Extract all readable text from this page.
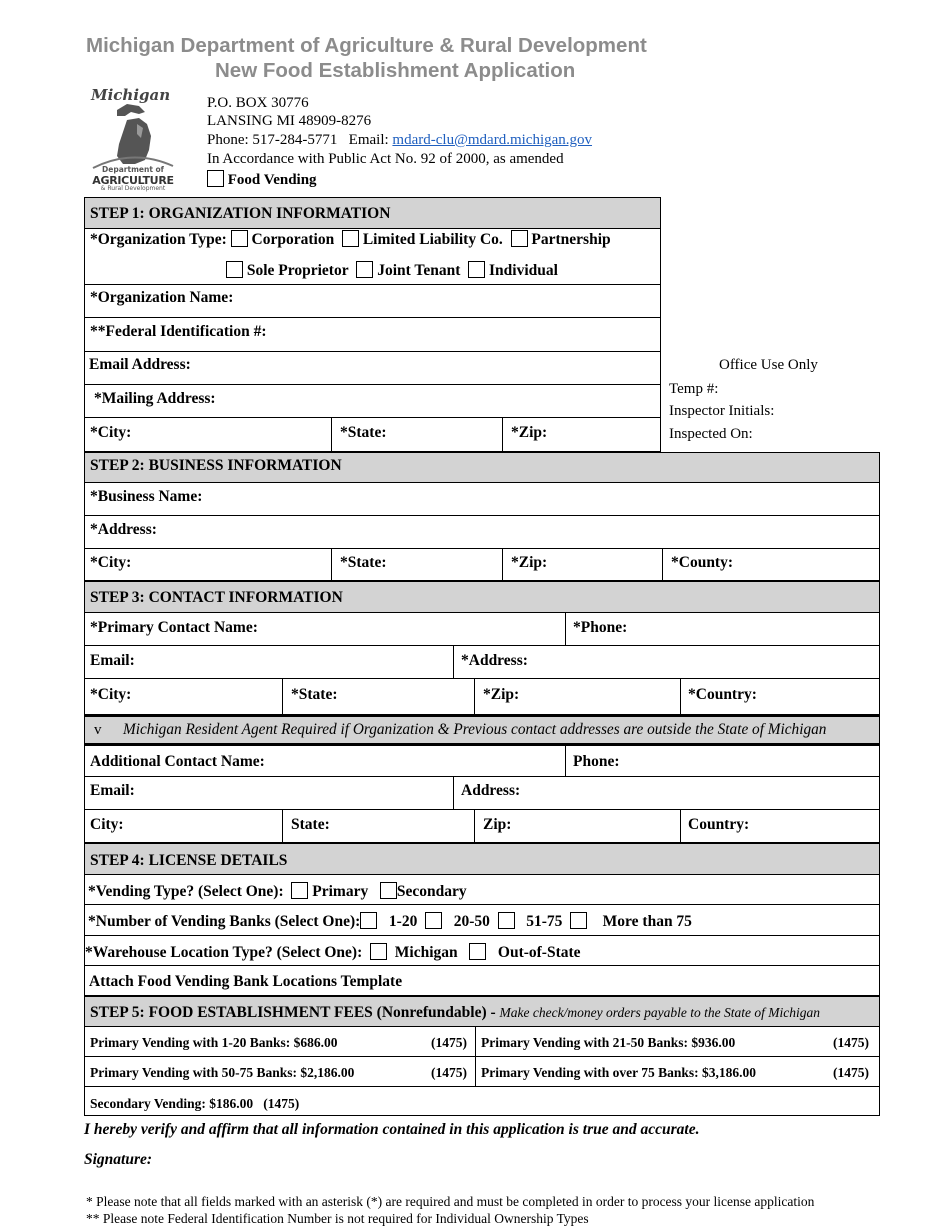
Michigan Department of Agriculture & Rural Development
New Food Establishment Application
Michigan
Department of
AGRICULTURE
& Rural Development
P.O. BOX 30776
LANSING MI 48909-8276
Phone: 517-284-5771 Email: mdard-clu@mdard.michigan.gov
In Accordance with Public Act No. 92 of 2000, as amended
Food Vending
Office Use Only
Temp #:
Inspector Initials:
Inspected On:
STEP 1: ORGANIZATION INFORMATION
*Organization Type: Corporation Limited Liability Co. Partnership
Sole Proprietor Joint Tenant Individual
*Organization Name:
**Federal Identification #:
Email Address:
*Mailing Address:
*City:	*State:	*Zip:
STEP 2: BUSINESS INFORMATION
*Business Name:
*Address:
*City:	*State:	*Zip:	*County:
STEP 3: CONTACT INFORMATION
*Primary Contact Name:	*Phone:
Email:	*Address:
*City:	*State:	*Zip:	*Country:
v Michigan Resident Agent Required if Organization & Previous contact addresses are outside the State of Michigan
Additional Contact Name:	Phone:
Email:	Address:
City:	State:	Zip:	Country:
STEP 4: LICENSE DETAILS
*Vending Type? (Select One): Primary Secondary
*Number of Vending Banks (Select One): 1-20 20-50 51-75	More than 75
*Warehouse Location Type? (Select One): Michigan	Out-of-State
Attach Food Vending Bank Locations Template
STEP 5: FOOD ESTABLISHMENT FEES (Nonrefundable) - Make check/money orders payable to the State of Michigan
Primary Vending with 1-20 Banks: $686.00	(1475) Primary Vending with 21-50 Banks: $936.00	(1475)
Primary Vending with 50-75 Banks: $2,186.00	(1475) Primary Vending with over 75 Banks: $3,186.00	(1475)
Secondary Vending: $186.00   (1475)
I hereby verify and affirm that all information contained in this application is true and accurate.
Signature:
* Please note that all fields marked with an asterisk (*) are required and must be completed in order to process your license application
** Please note Federal Identification Number is not required for Individual Ownership Types
